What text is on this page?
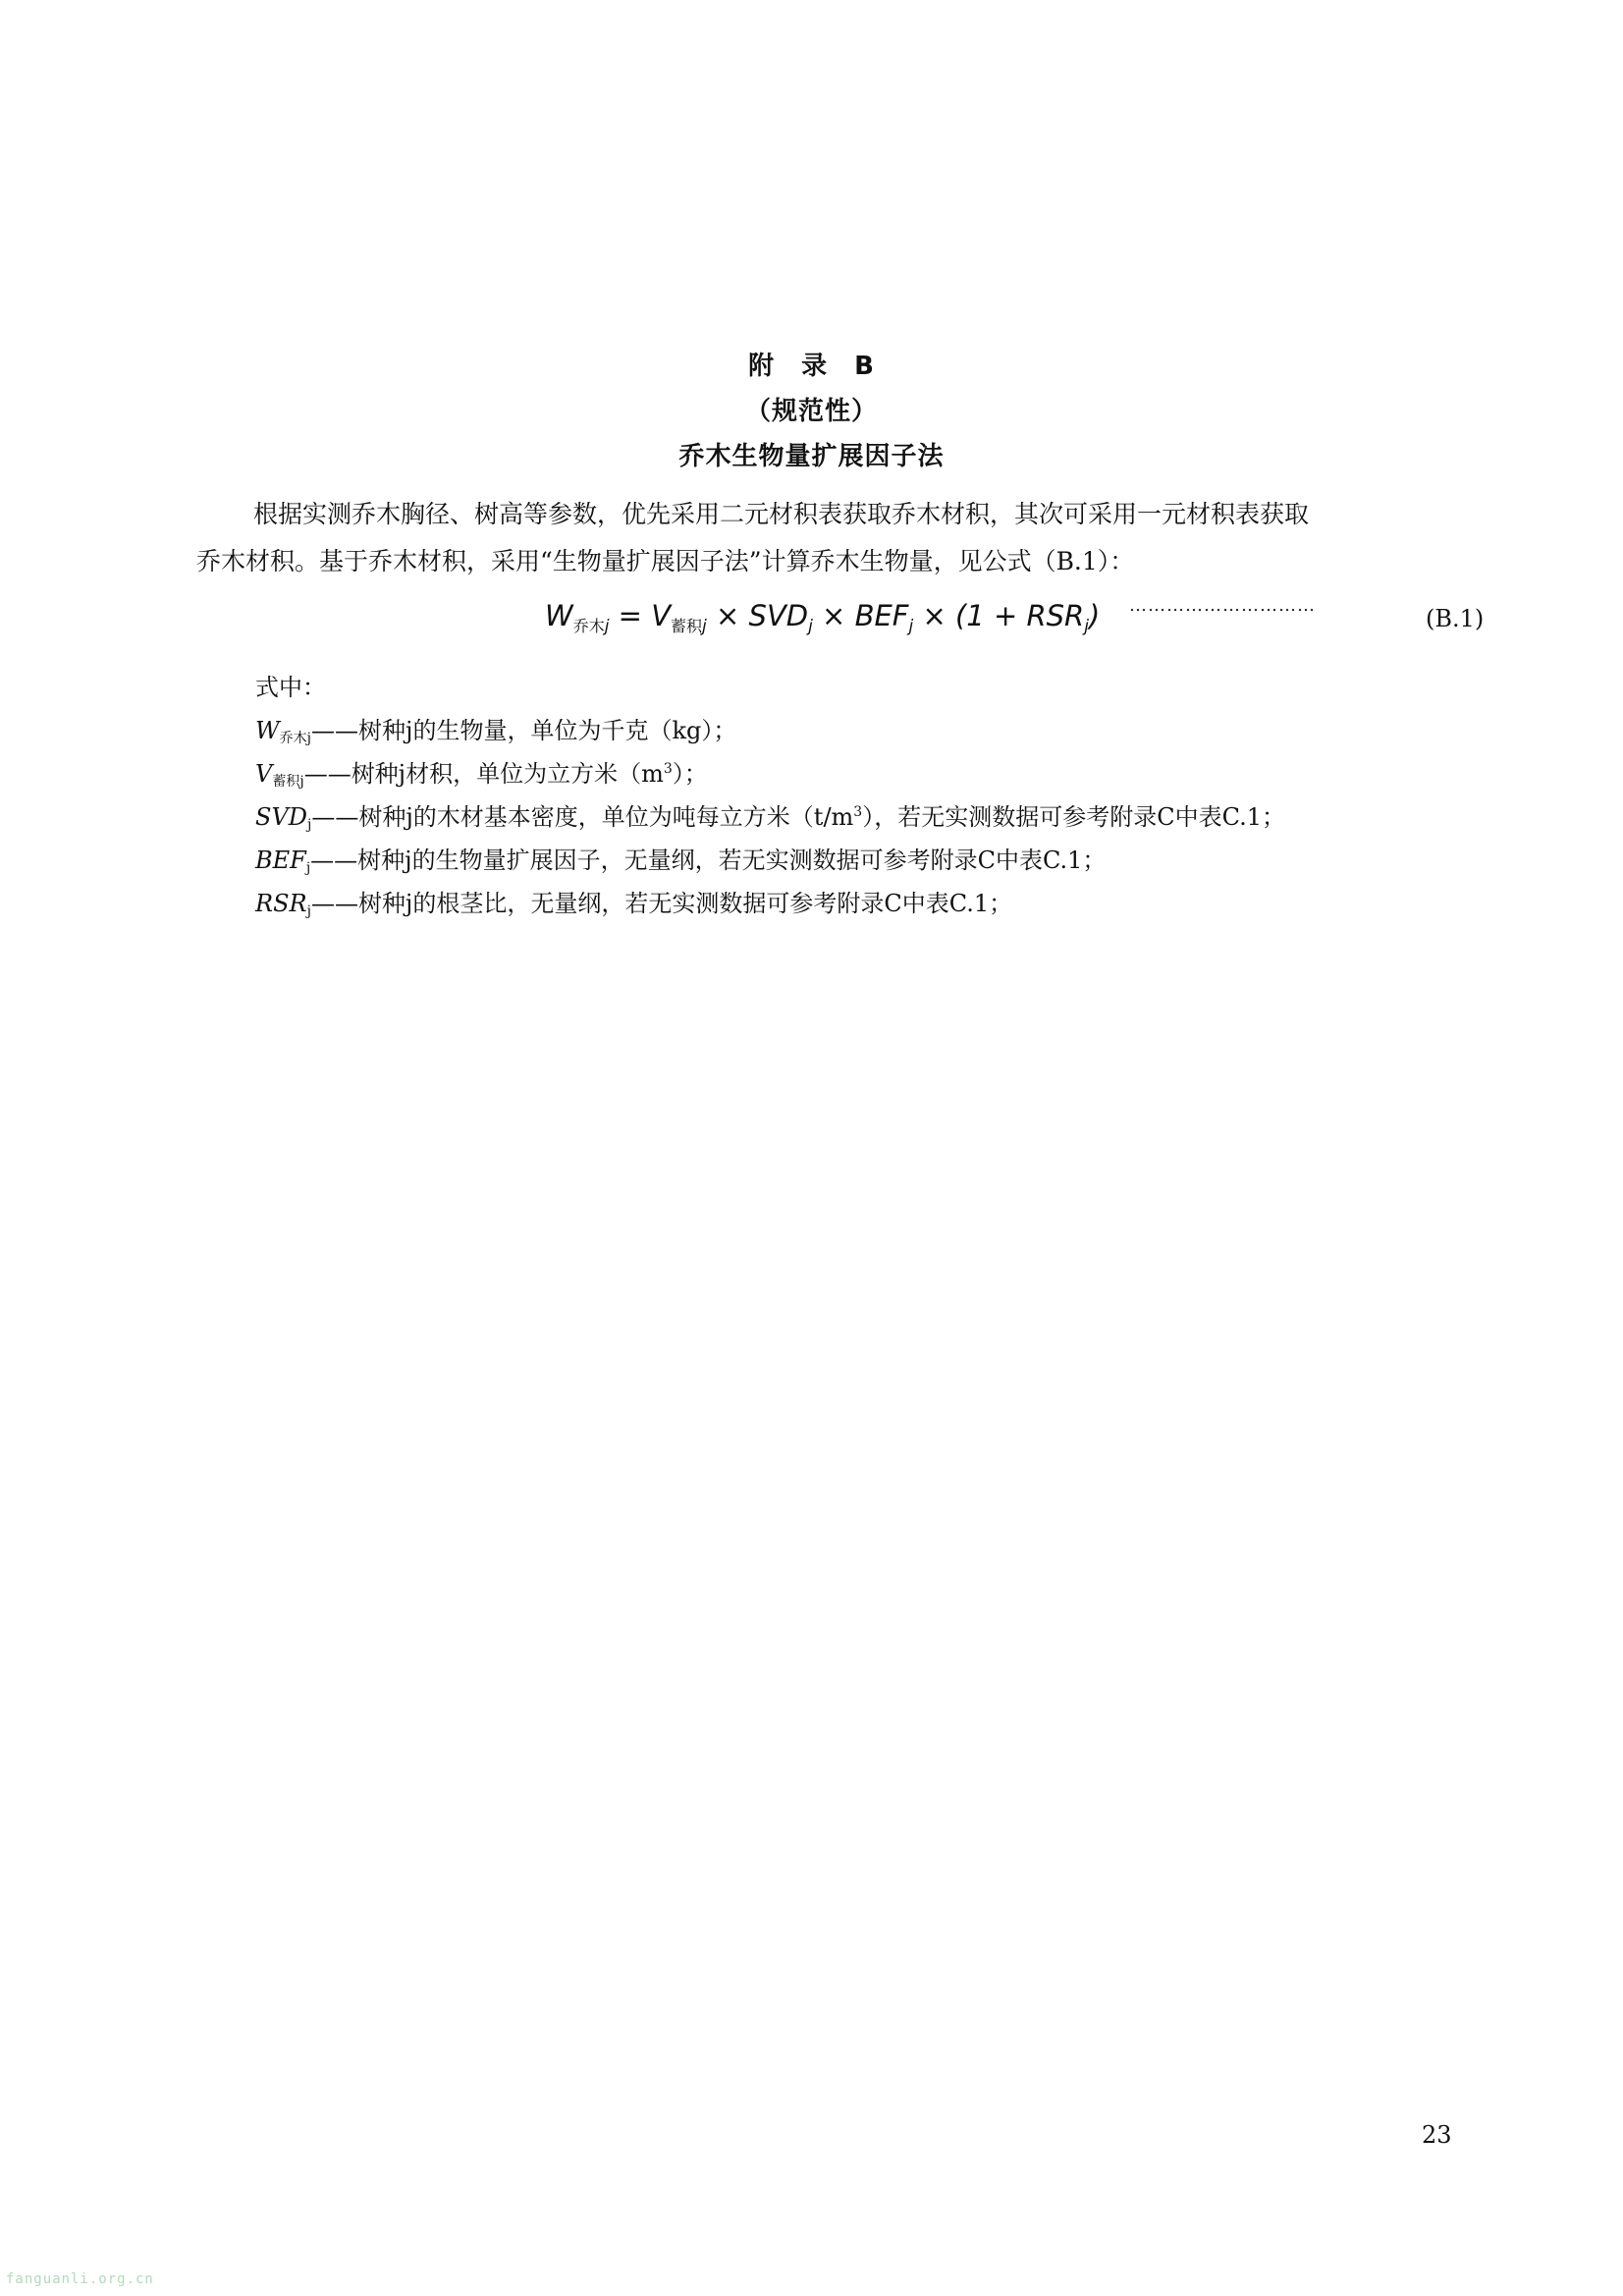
附　录　B
（规范性）
乔木生物量扩展因子法

根据实测乔木胸径、树高等参数，优先采用二元材积表获取乔木材积，其次可采用一元材积表获取

乔木材积。基于乔木材积，采用“生物量扩展因子法”计算乔木生物量，见公式（B.1）：

$W_{乔木j} = V_{蓄积j} \times SVD_j \times BEF_j \times (1 + RSR_j)$ …………………………	(B.1)
式中：
$W_{乔木j}——$树种j的生物量，单位为千克（kg）；
$V_{蓄积j}——$树种j材积，单位为立方米$(m^3)$；
$SVD_j——$树种j的木材基本密度，单位为吨每立方米$(t/m^3)$，若无实测数据可参考附录C中表C.1；
$BEF_j——$树种j的生物量扩展因子，无量纲，若无实测数据可参考附录C中表C.1；
$RSR_j——$树种j的根茎比，无量纲，若无实测数据可参考附录C中表C.1；
23
fanguanli.org.cn
